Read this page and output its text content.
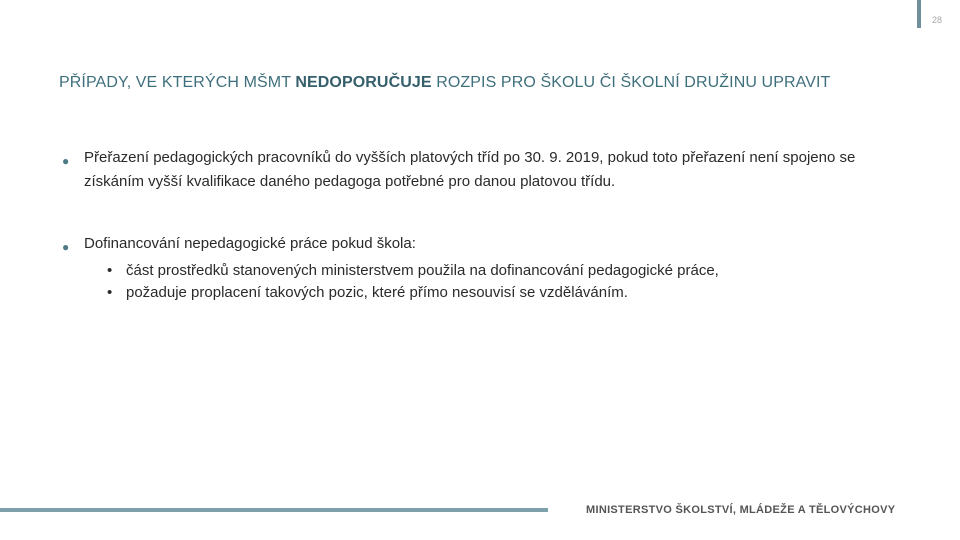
28
PŘÍPADY, VE KTERÝCH MŠMT NEDOPORUČUJE ROZPIS PRO ŠKOLU ČI ŠKOLNÍ DRUŽINU UPRAVIT
● Přeřazení pedagogických pracovníků do vyšších platových tříd po 30. 9. 2019, pokud toto přeřazení není spojeno se získáním vyšší kvalifikace daného pedagoga potřebné pro danou platovou třídu.
● Dofinancování nepedagogické práce pokud škola:
• část prostředků stanovených ministerstvem použila na dofinancování pedagogické práce,
• požaduje proplacení takových pozic, které přímo nesouvisí se vzděláváním.
MINISTERSTVO ŠKOLSTVÍ, MLÁDEŽE A TĚLOVÝCHOVY
